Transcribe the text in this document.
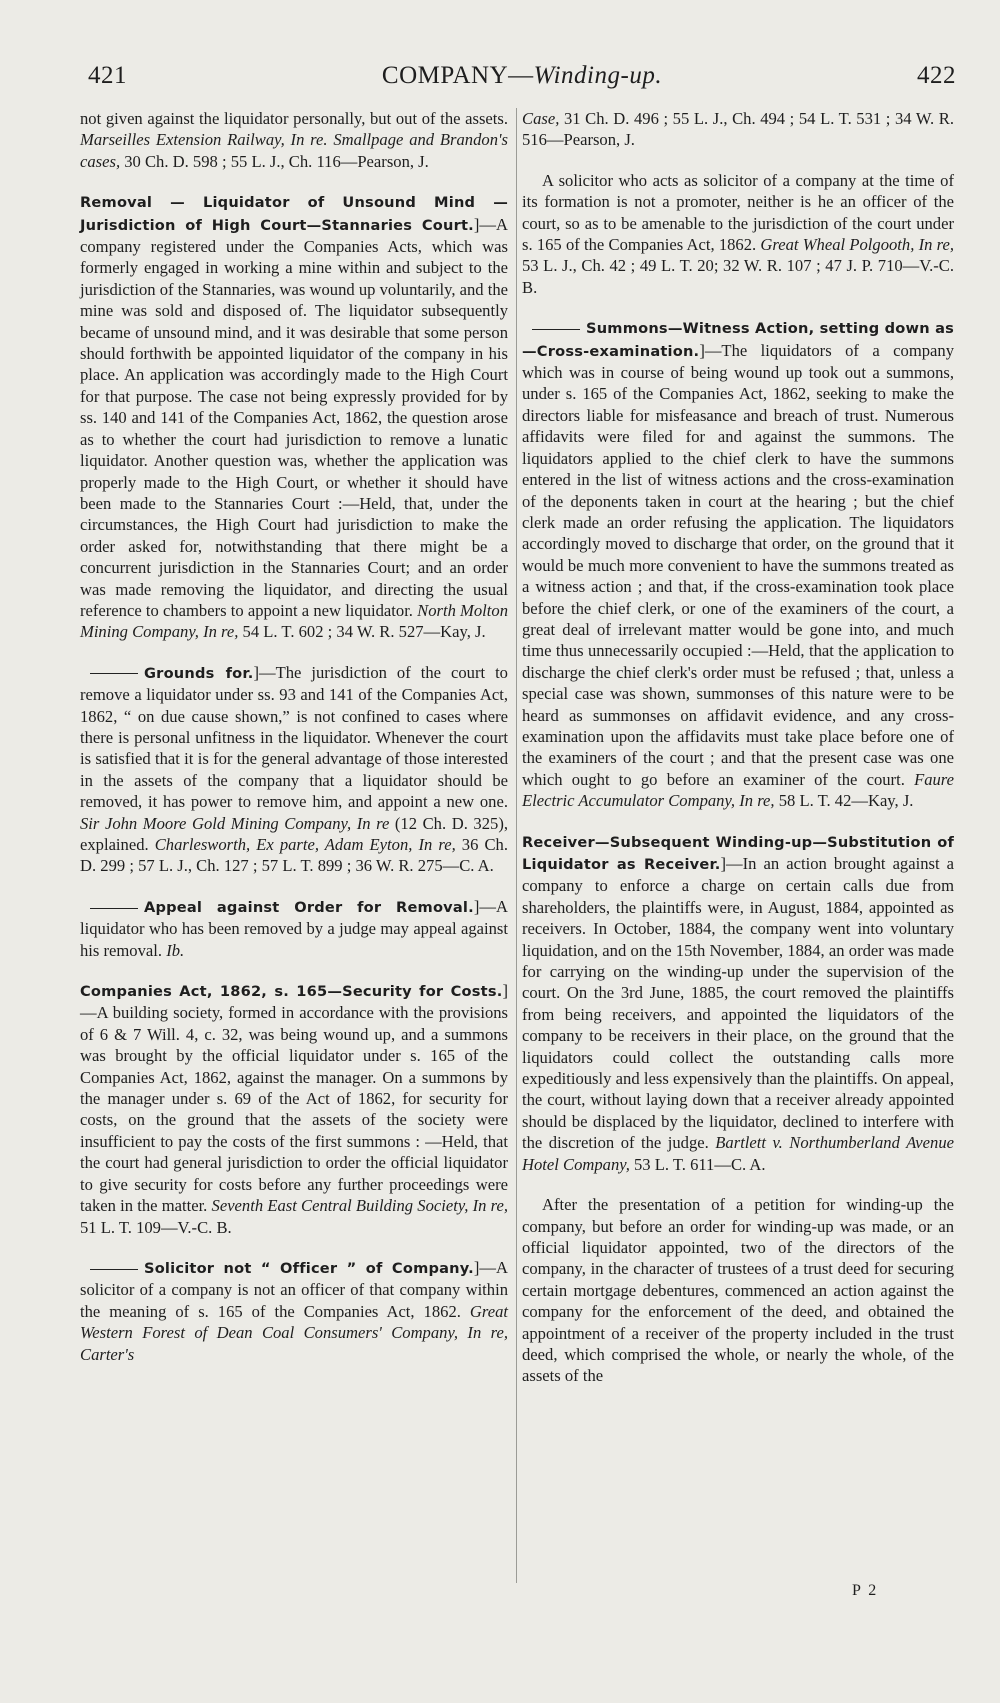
421	COMPANY—Winding-up.	422

not given against the liquidator personally, but out of the assets. Marseilles Extension Railway, In re. Smallpage and Brandon's cases, 30 Ch. D. 598 ; 55 L. J., Ch. 116—Pearson, J.

Removal — Liquidator of Unsound Mind — Jurisdiction of High Court—Stannaries Court.]—A company registered under the Companies Acts, which was formerly engaged in working a mine within and subject to the jurisdiction of the Stannaries, was wound up voluntarily, and the mine was sold and disposed of. The liquidator subsequently became of unsound mind, and it was desirable that some person should forthwith be appointed liquidator of the company in his place. An application was accordingly made to the High Court for that purpose. The case not being expressly provided for by ss. 140 and 141 of the Companies Act, 1862, the question arose as to whether the court had jurisdiction to remove a lunatic liquidator. Another question was, whether the application was properly made to the High Court, or whether it should have been made to the Stannaries Court :—Held, that, under the circumstances, the High Court had jurisdiction to make the order asked for, notwithstanding that there might be a concurrent jurisdiction in the Stannaries Court; and an order was made removing the liquidator, and directing the usual reference to chambers to appoint a new liquidator. North Molton Mining Company, In re, 54 L. T. 602 ; 34 W. R. 527—Kay, J.

Grounds for.]—The jurisdiction of the court to remove a liquidator under ss. 93 and 141 of the Companies Act, 1862, “ on due cause shown,” is not confined to cases where there is personal unfitness in the liquidator. Whenever the court is satisfied that it is for the general advantage of those interested in the assets of the company that a liquidator should be removed, it has power to remove him, and appoint a new one. Sir John Moore Gold Mining Company, In re (12 Ch. D. 325), explained. Charlesworth, Ex parte, Adam Eyton, In re, 36 Ch. D. 299 ; 57 L. J., Ch. 127 ; 57 L. T. 899 ; 36 W. R. 275—C. A.

Appeal against Order for Removal.]—A liquidator who has been removed by a judge may appeal against his removal. Ib.

Companies Act, 1862, s. 165—Security for Costs.]—A building society, formed in accordance with the provisions of 6 & 7 Will. 4, c. 32, was being wound up, and a summons was brought by the official liquidator under s. 165 of the Companies Act, 1862, against the manager. On a summons by the manager under s. 69 of the Act of 1862, for security for costs, on the ground that the assets of the society were insufficient to pay the costs of the first summons : —Held, that the court had general jurisdiction to order the official liquidator to give security for costs before any further proceedings were taken in the matter. Seventh East Central Building Society, In re, 51 L. T. 109—V.-C. B.

Solicitor not “ Officer ” of Company.]—A solicitor of a company is not an officer of that company within the meaning of s. 165 of the Companies Act, 1862. Great Western Forest of Dean Coal Consumers' Company, In re, Carter's

Case, 31 Ch. D. 496 ; 55 L. J., Ch. 494 ; 54 L. T. 531 ; 34 W. R. 516—Pearson, J.

A solicitor who acts as solicitor of a company at the time of its formation is not a promoter, neither is he an officer of the court, so as to be amenable to the jurisdiction of the court under s. 165 of the Companies Act, 1862. Great Wheal Polgooth, In re, 53 L. J., Ch. 42 ; 49 L. T. 20; 32 W. R. 107 ; 47 J. P. 710—V.-C. B.

Summons—Witness Action, setting down as—Cross-examination.]—The liquidators of a company which was in course of being wound up took out a summons, under s. 165 of the Companies Act, 1862, seeking to make the directors liable for misfeasance and breach of trust. Numerous affidavits were filed for and against the summons. The liquidators applied to the chief clerk to have the summons entered in the list of witness actions and the cross-examination of the deponents taken in court at the hearing ; but the chief clerk made an order refusing the application. The liquidators accordingly moved to discharge that order, on the ground that it would be much more convenient to have the summons treated as a witness action ; and that, if the cross-examination took place before the chief clerk, or one of the examiners of the court, a great deal of irrelevant matter would be gone into, and much time thus unnecessarily occupied :—Held, that the application to discharge the chief clerk's order must be refused ; that, unless a special case was shown, summonses of this nature were to be heard as summonses on affidavit evidence, and any cross-examination upon the affidavits must take place before one of the examiners of the court ; and that the present case was one which ought to go before an examiner of the court. Faure Electric Accumulator Company, In re, 58 L. T. 42—Kay, J.

Receiver—Subsequent Winding-up—Substitution of Liquidator as Receiver.]—In an action brought against a company to enforce a charge on certain calls due from shareholders, the plaintiffs were, in August, 1884, appointed as receivers. In October, 1884, the company went into voluntary liquidation, and on the 15th November, 1884, an order was made for carrying on the winding-up under the supervision of the court. On the 3rd June, 1885, the court removed the plaintiffs from being receivers, and appointed the liquidators of the company to be receivers in their place, on the ground that the liquidators could collect the outstanding calls more expeditiously and less expensively than the plaintiffs. On appeal, the court, without laying down that a receiver already appointed should be displaced by the liquidator, declined to interfere with the discretion of the judge. Bartlett v. Northumberland Avenue Hotel Company, 53 L. T. 611—C. A.

After the presentation of a petition for winding-up the company, but before an order for winding-up was made, or an official liquidator appointed, two of the directors of the company, in the character of trustees of a trust deed for securing certain mortgage debentures, commenced an action against the company for the enforcement of the deed, and obtained the appointment of a receiver of the property included in the trust deed, which comprised the whole, or nearly the whole, of the assets of the

P 2
